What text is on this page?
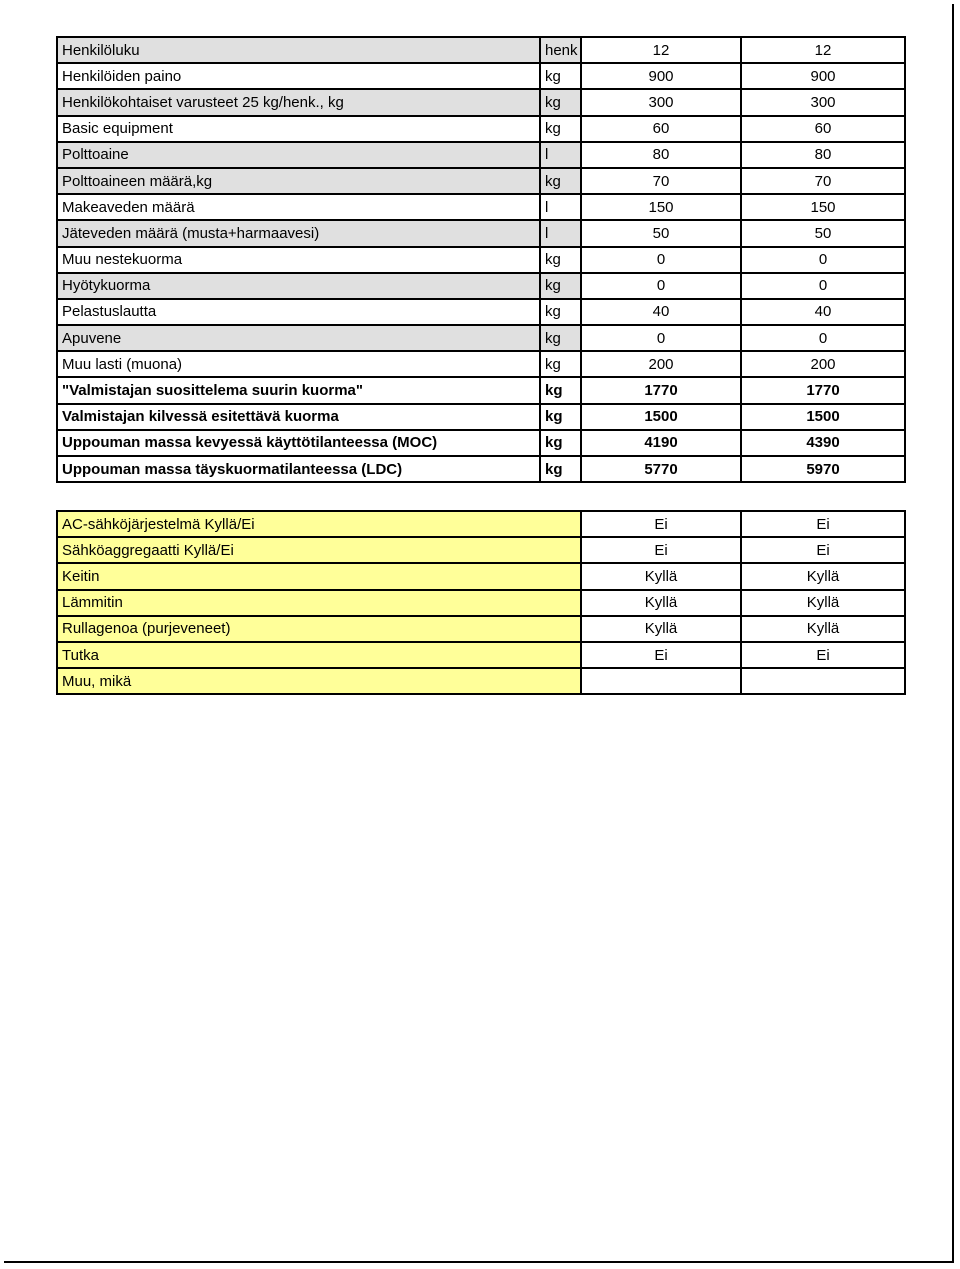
Henkilöluku	henk	12	12
Henkilöiden paino	kg	900	900
Henkilökohtaiset varusteet 25 kg/henk., kg	kg	300	300
Basic equipment	kg	60	60
Polttoaine	l	80	80
Polttoaineen määrä,kg	kg	70	70
Makeaveden määrä	l	150	150
Jäteveden määrä (musta+harmaavesi)	l	50	50
Muu nestekuorma	kg	0	0
Hyötykuorma	kg	0	0
Pelastuslautta	kg	40	40
Apuvene	kg	0	0
Muu lasti (muona)	kg	200	200
"Valmistajan suosittelema suurin kuorma"	kg	1770	1770
Valmistajan kilvessä esitettävä kuorma	kg	1500	1500
Uppouman massa kevyessä käyttötilanteessa (MOC)	kg	4190	4390
Uppouman massa täyskuormatilanteessa (LDC)	kg	5770	5970
AC-sähköjärjestelmä Kyllä/Ei	Ei	Ei
Sähköaggregaatti Kyllä/Ei	Ei	Ei
Keitin	Kyllä	Kyllä
Lämmitin	Kyllä	Kyllä
Rullagenoa (purjeveneet)	Kyllä	Kyllä
Tutka	Ei	Ei
Muu, mikä		
